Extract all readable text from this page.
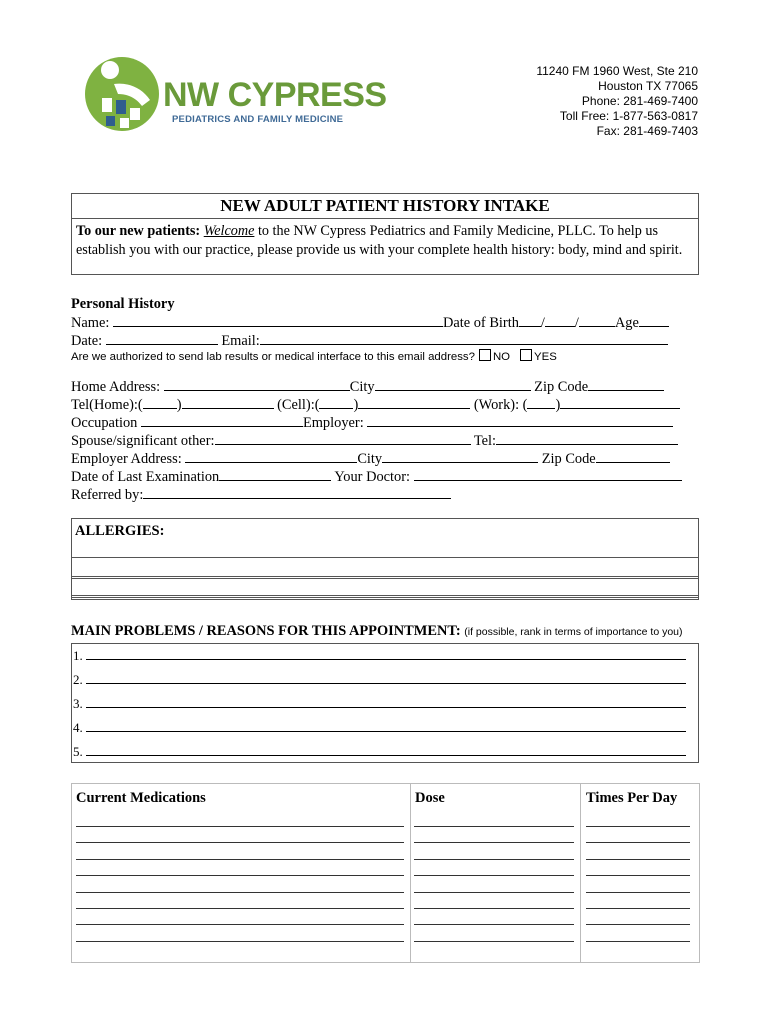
NW CYPRESS
PEDIATRICS AND FAMILY MEDICINE
11240 FM 1960 West, Ste 210
Houston TX 77065
Phone: 281-469-7400
Toll Free: 1-877-563-0817
Fax: 281-469-7403
NEW ADULT PATIENT HISTORY INTAKE
To our new patients: Welcome to the NW Cypress Pediatrics and Family Medicine, PLLC. To help us establish you with our practice, please provide us with your complete health history: body, mind and spirit.
Personal History
Name:	Date of Birth / /	Age
Date:	Email:
Are we authorized to send lab results or medical interface to this email address? NO YES
Home Address:	City	Zip Code
Tel(Home):( )	(Cell):( )	(Work): ( )
Occupation	Employer:
Spouse/significant other:	Tel:
Employer Address:	City	Zip Code
Date of Last Examination	Your Doctor:
Referred by:
ALLERGIES:
MAIN PROBLEMS / REASONS FOR THIS APPOINTMENT: (if possible, rank in terms of importance to you)
1.
2.
3.
4.
5.
Current Medications	Dose	Times Per Day
